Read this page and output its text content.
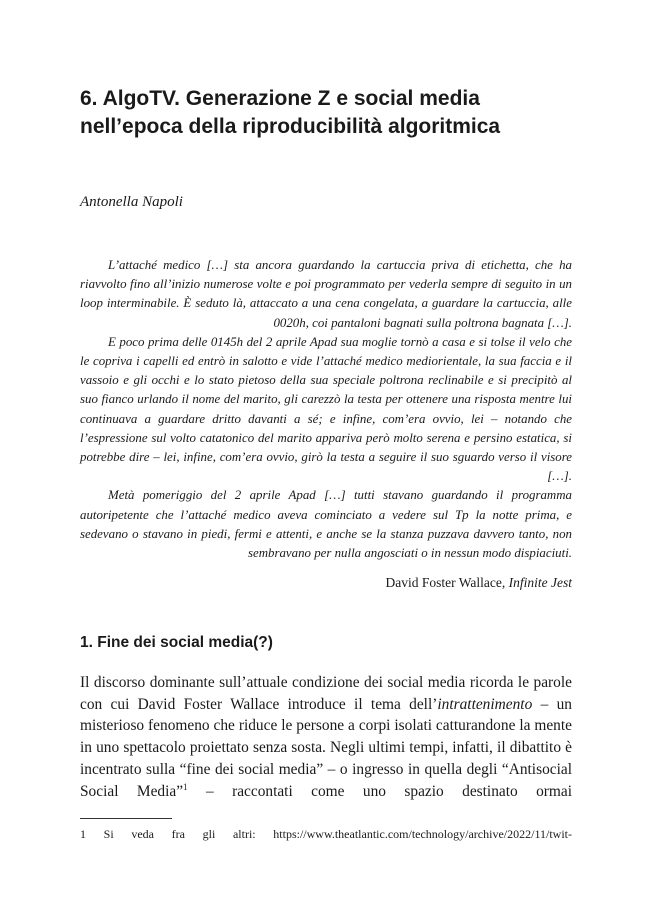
6. AlgoTV. Generazione Z e social media nell’epoca della riproducibilità algoritmica
Antonella Napoli

L’attaché medico […] sta ancora guardando la cartuccia priva di etichetta, che ha riavvolto fino all’inizio numerose volte e poi programmato per vederla sempre di seguito in un loop interminabile. È seduto là, attaccato a una cena congelata, a guardare la cartuccia, alle 0020h, coi pantaloni bagnati sulla poltrona bagnata […].

E poco prima delle 0145h del 2 aprile Apad sua moglie tornò a casa e si tolse il velo che le copriva i capelli ed entrò in salotto e vide l’attaché medico mediorientale, la sua faccia e il vassoio e gli occhi e lo stato pietoso della sua speciale poltrona reclinabile e si precipitò al suo fianco urlando il nome del marito, gli carezzò la testa per ottenere una risposta mentre lui continuava a guardare dritto davanti a sé; e infine, com’era ovvio, lei – notando che l’espressione sul volto catatonico del marito appariva però molto serena e persino estatica, si potrebbe dire – lei, infine, com’era ovvio, girò la testa a seguire il suo sguardo verso il visore […].

Metà pomeriggio del 2 aprile Apad […] tutti stavano guardando il programma autoripetente che l’attaché medico aveva cominciato a vedere sul Tp la notte prima, e sedevano o stavano in piedi, fermi e attenti, e anche se la stanza puzzava davvero tanto, non sembravano per nulla angosciati o in nessun modo dispiaciuti.

David Foster Wallace, Infinite Jest
1. Fine dei social media(?)

Il discorso dominante sull’attuale condizione dei social media ricorda le parole con cui David Foster Wallace introduce il tema dell’intrattenimento – un misterioso fenomeno che riduce le persone a corpi isolati catturandone la mente in uno spettacolo proiettato senza sosta. Negli ultimi tempi, infatti, il dibattito è incentrato sulla “fine dei social media” – o ingresso in quella degli “Antisocial Social Media”$^1$ – raccontati come uno spazio destinato ormai

1 Si veda fra gli altri: https://www.theatlantic.com/technology/archive/2022/11/twit-
